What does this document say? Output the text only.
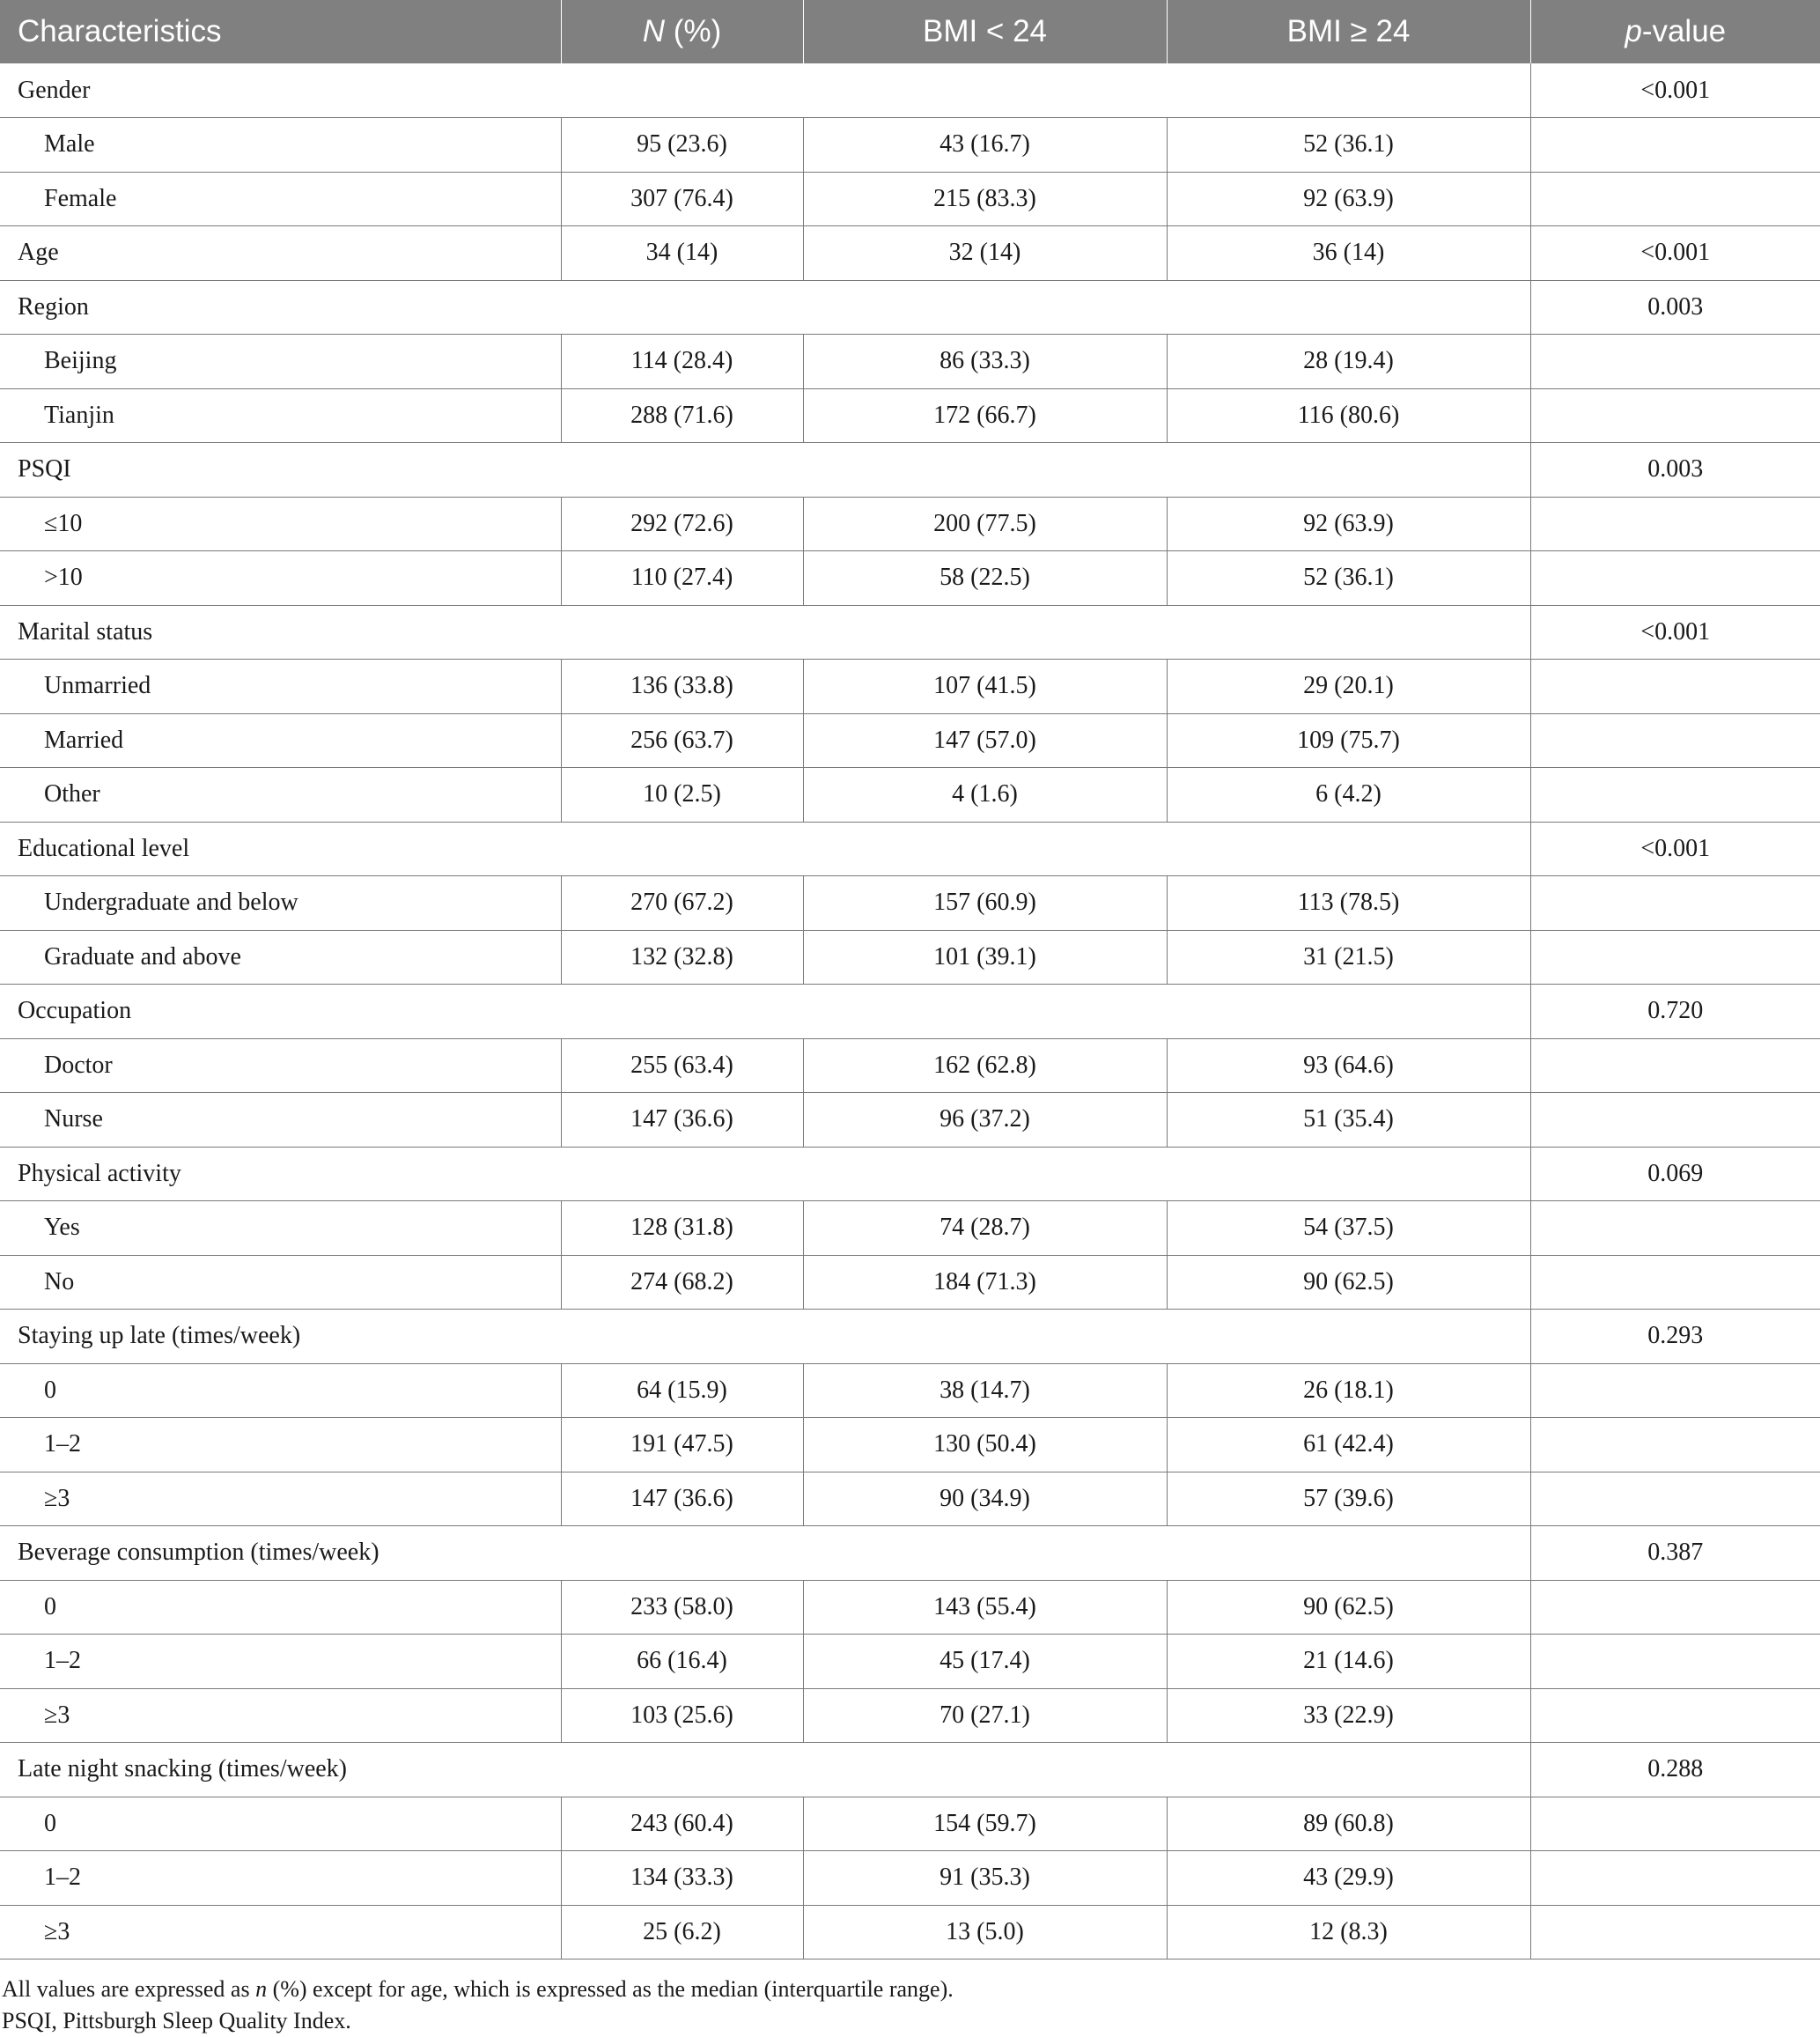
Characteristics	N (%)	BMI < 24	BMI ≥ 24	p-value
Gender				<0.001
Male	95 (23.6)	43 (16.7)	52 (36.1)	
Female	307 (76.4)	215 (83.3)	92 (63.9)	
Age	34 (14)	32 (14)	36 (14)	<0.001
Region				0.003
Beijing	114 (28.4)	86 (33.3)	28 (19.4)	
Tianjin	288 (71.6)	172 (66.7)	116 (80.6)	
PSQI				0.003
≤10	292 (72.6)	200 (77.5)	92 (63.9)	
>10	110 (27.4)	58 (22.5)	52 (36.1)	
Marital status				<0.001
Unmarried	136 (33.8)	107 (41.5)	29 (20.1)	
Married	256 (63.7)	147 (57.0)	109 (75.7)	
Other	10 (2.5)	4 (1.6)	6 (4.2)	
Educational level				<0.001
Undergraduate and below	270 (67.2)	157 (60.9)	113 (78.5)	
Graduate and above	132 (32.8)	101 (39.1)	31 (21.5)	
Occupation				0.720
Doctor	255 (63.4)	162 (62.8)	93 (64.6)	
Nurse	147 (36.6)	96 (37.2)	51 (35.4)	
Physical activity				0.069
Yes	128 (31.8)	74 (28.7)	54 (37.5)	
No	274 (68.2)	184 (71.3)	90 (62.5)	
Staying up late (times/week)				0.293
0	64 (15.9)	38 (14.7)	26 (18.1)	
1–2	191 (47.5)	130 (50.4)	61 (42.4)	
≥3	147 (36.6)	90 (34.9)	57 (39.6)	
Beverage consumption (times/week)				0.387
0	233 (58.0)	143 (55.4)	90 (62.5)	
1–2	66 (16.4)	45 (17.4)	21 (14.6)	
≥3	103 (25.6)	70 (27.1)	33 (22.9)	
Late night snacking (times/week)				0.288
0	243 (60.4)	154 (59.7)	89 (60.8)	
1–2	134 (33.3)	91 (35.3)	43 (29.9)	
≥3	25 (6.2)	13 (5.0)	12 (8.3)	

All values are expressed as n (%) except for age, which is expressed as the median (interquartile range).

PSQI, Pittsburgh Sleep Quality Index.
